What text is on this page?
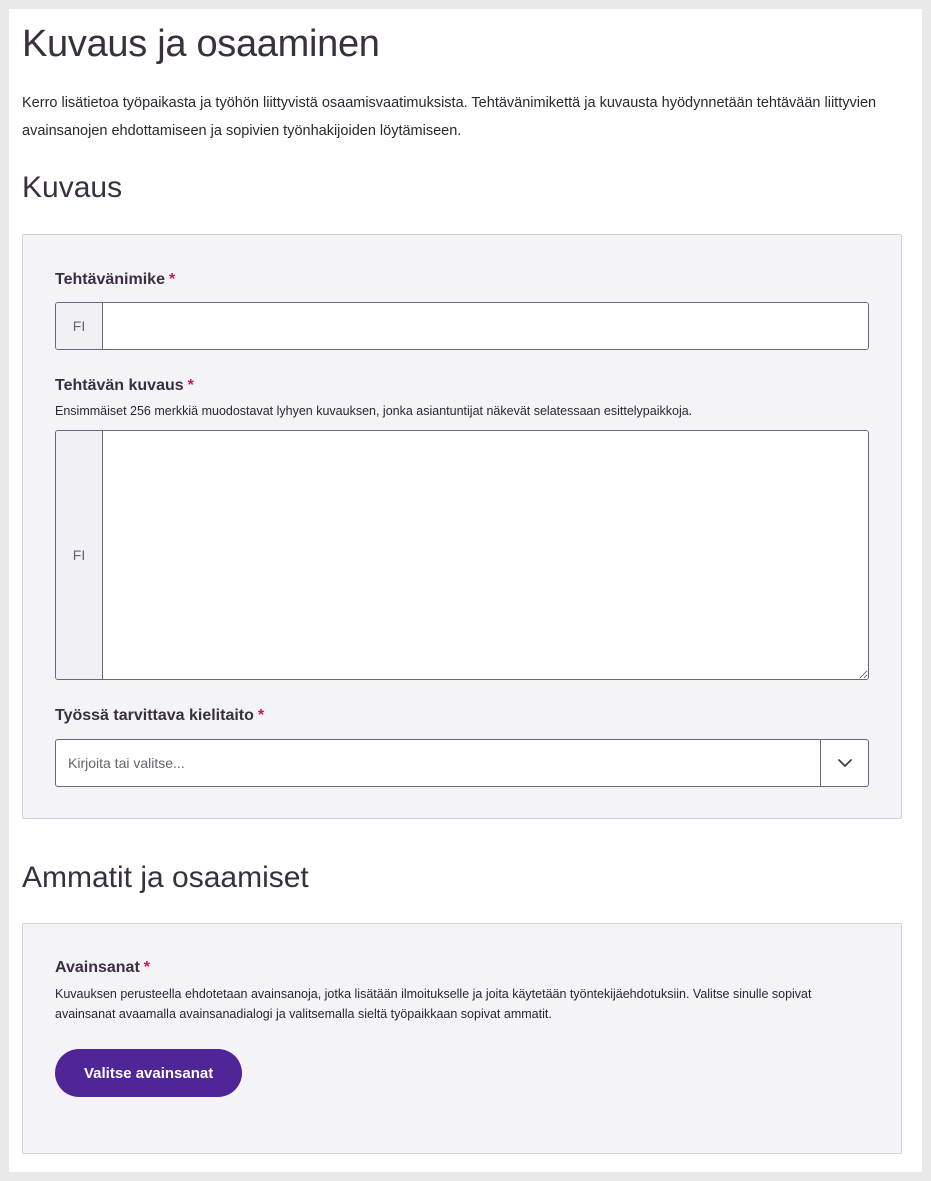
Kuvaus ja osaaminen

Kerro lisätietoa työpaikasta ja työhön liittyvistä osaamisvaatimuksista. Tehtävänimikettä ja kuvausta hyödynnetään tehtävään liittyvien avainsanojen ehdottamiseen ja sopivien työnhakijoiden löytämiseen.

Kuvaus
Tehtävänimike *
FI
Tehtävän kuvaus *

Ensimmäiset 256 merkkiä muodostavat lyhyen kuvauksen, jonka asiantuntijat näkevät selatessaan esittelypaikkoja.

FI
Työssä tarvittava kielitaito *
Kirjoita tai valitse...
Ammatit ja osaamiset
Avainsanat *

Kuvauksen perusteella ehdotetaan avainsanoja, jotka lisätään ilmoitukselle ja joita käytetään työntekijäehdotuksiin. Valitse sinulle sopivat avainsanat avaamalla avainsanadialogi ja valitsemalla sieltä työpaikkaan sopivat ammatit.

Valitse avainsanat
